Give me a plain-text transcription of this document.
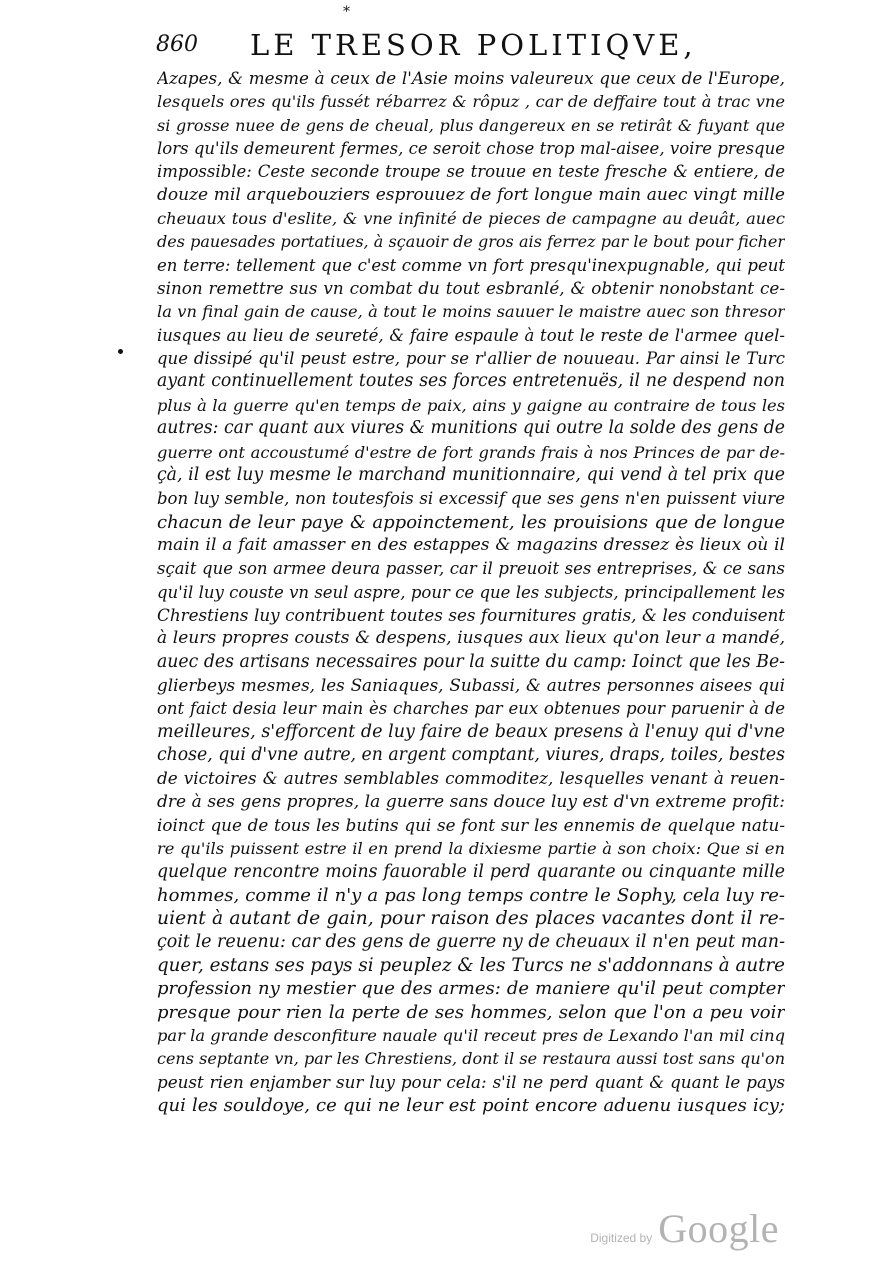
860 LE TRESOR POLITIQVE,
*
Azapes, & mesme à ceux de l'Asie moins valeureux que ceux de l'Europe,
lesquels ores qu'ils fussét rébarrez & rôpuz , car de deffaire tout à trac vne
si grosse nuee de gens de cheual, plus dangereux en se retirât & fuyant que
lors qu'ils demeurent fermes, ce seroit chose trop mal-aisee, voire presque
impossible: Ceste seconde troupe se trouue en teste fresche & entiere, de
douze mil arquebouziers esprouuez de fort longue main auec vingt mille
cheuaux tous d'eslite, & vne infinité de pieces de campagne au deuât, auec
des pauesades portatiues, à sçauoir de gros ais ferrez par le bout pour ficher
en terre: tellement que c'est comme vn fort presqu'inexpugnable, qui peut
sinon remettre sus vn combat du tout esbranlé, & obtenir nonobstant ce-
la vn final gain de cause, à tout le moins sauuer le maistre auec son thresor
iusques au lieu de seureté, & faire espaule à tout le reste de l'armee quel-
que dissipé qu'il peust estre, pour se r'allier de nouueau. Par ainsi le Turc
ayant continuellement toutes ses forces entretenuës, il ne despend non
plus à la guerre qu'en temps de paix, ains y gaigne au contraire de tous les
autres: car quant aux viures & munitions qui outre la solde des gens de
guerre ont accoustumé d'estre de fort grands frais à nos Princes de par de-
çà, il est luy mesme le marchand munitionnaire, qui vend à tel prix que
bon luy semble, non toutesfois si excessif que ses gens n'en puissent viure
chacun de leur paye & appoinctement, les prouisions que de longue
main il a fait amasser en des estappes & magazins dressez ès lieux où il
sçait que son armee deura passer, car il preuoit ses entreprises, & ce sans
qu'il luy couste vn seul aspre, pour ce que les subjects, principallement les
Chrestiens luy contribuent toutes ses fournitures gratis, & les conduisent
à leurs propres cousts & despens, iusques aux lieux qu'on leur a mandé,
auec des artisans necessaires pour la suitte du camp: Ioinct que les Be-
glierbeys mesmes, les Saniaques, Subassi, & autres personnes aisees qui
ont faict desia leur main ès charches par eux obtenues pour paruenir à de
meilleures, s'efforcent de luy faire de beaux presens à l'enuy qui d'vne
chose, qui d'vne autre, en argent comptant, viures, draps, toiles, bestes
de victoires & autres semblables commoditez, lesquelles venant à reuen-
dre à ses gens propres, la guerre sans douce luy est d'vn extreme profit:
ioinct que de tous les butins qui se font sur les ennemis de quelque natu-
re qu'ils puissent estre il en prend la dixiesme partie à son choix: Que si en
quelque rencontre moins fauorable il perd quarante ou cinquante mille
hommes, comme il n'y a pas long temps contre le Sophy, cela luy re-
uient à autant de gain, pour raison des places vacantes dont il re-
çoit le reuenu: car des gens de guerre ny de cheuaux il n'en peut man-
quer, estans ses pays si peuplez & les Turcs ne s'addonnans à autre
profession ny mestier que des armes: de maniere qu'il peut compter
presque pour rien la perte de ses hommes, selon que l'on a peu voir
par la grande desconfiture nauale qu'il receut pres de Lexando l'an mil cinq
cens septante vn, par les Chrestiens, dont il se restaura aussi tost sans qu'on
peust rien enjamber sur luy pour cela: s'il ne perd quant & quant le pays
qui les souldoye, ce qui ne leur est point encore aduenu iusques icy;
Digitized by Google
